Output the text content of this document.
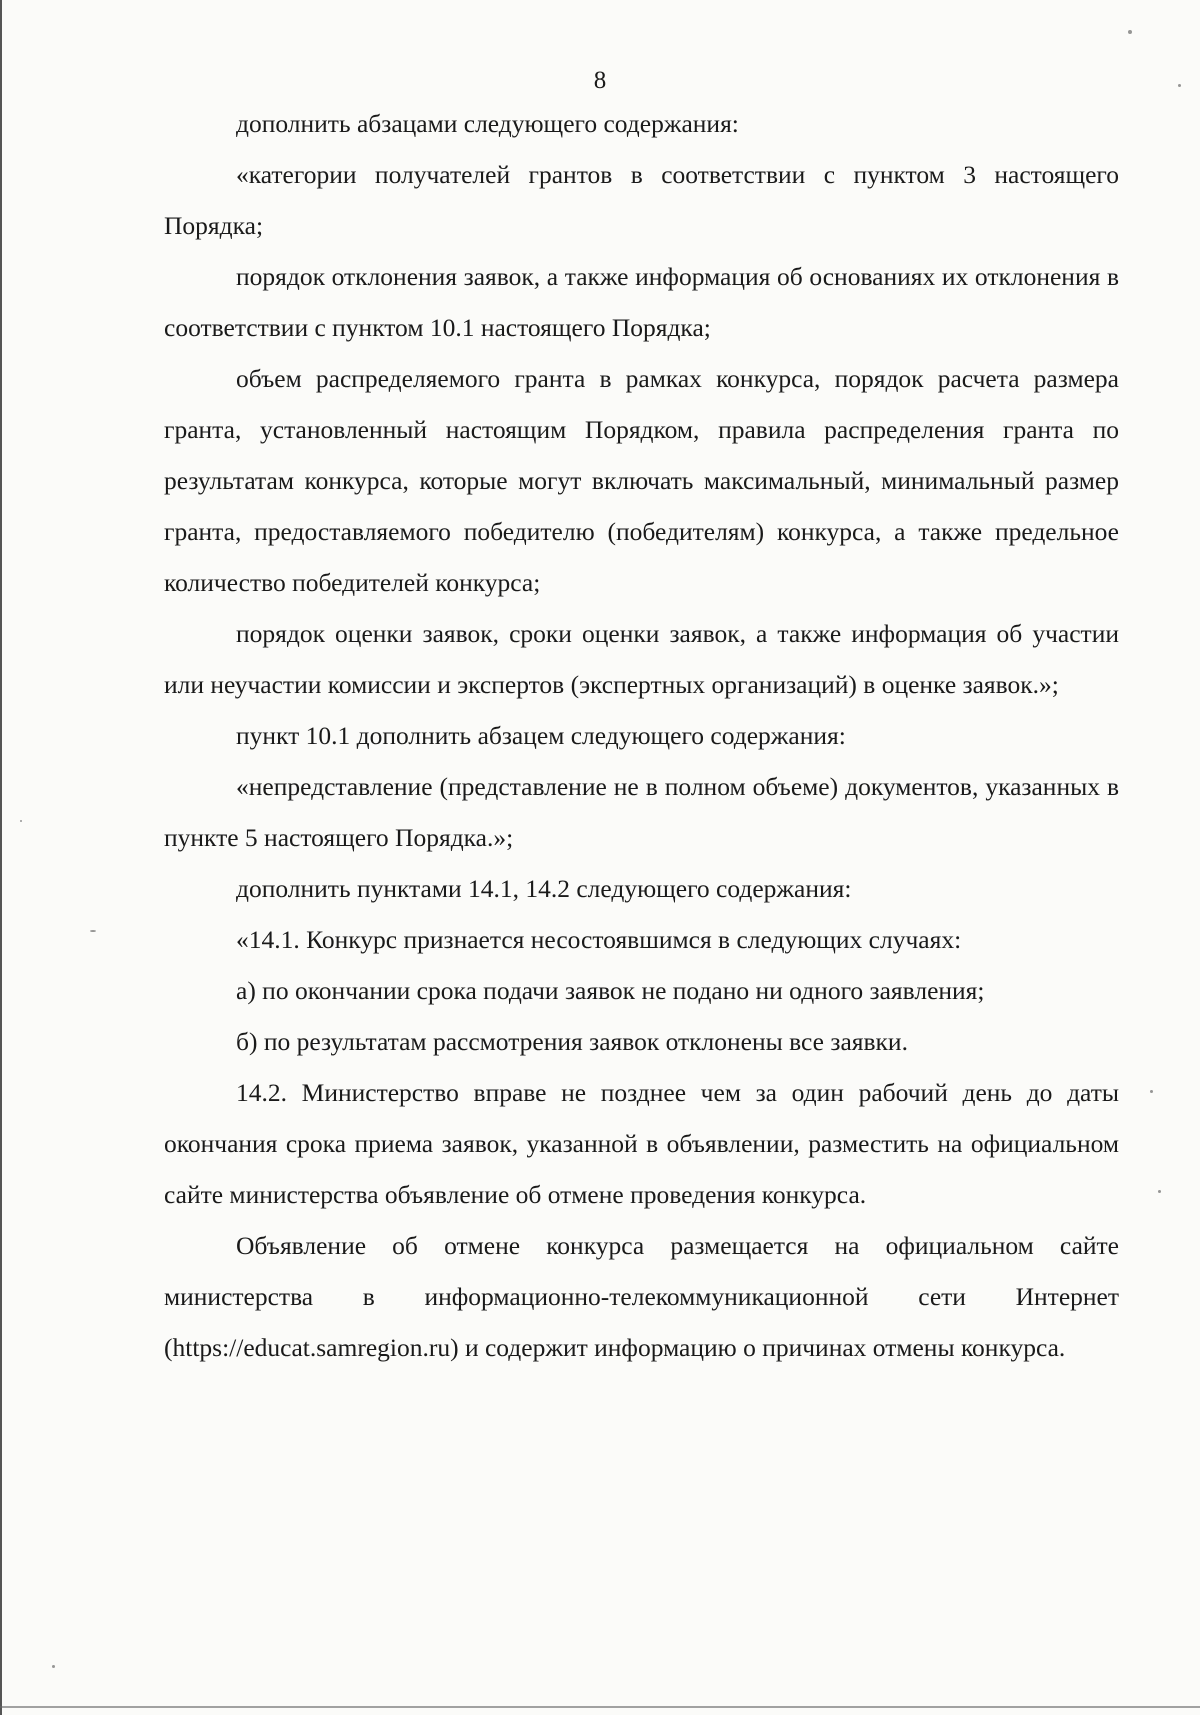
8

дополнить абзацами следующего содержания:

«категории получателей грантов в соответствии с пунктом 3 настоящего Порядка;

порядок отклонения заявок, а также информация об основаниях их отклонения в соответствии с пунктом 10.1 настоящего Порядка;

объем распределяемого гранта в рамках конкурса, порядок расчета размера гранта, установленный настоящим Порядком, правила распределения гранта по результатам конкурса, которые могут включать максимальный, минимальный размер гранта, предоставляемого победителю (победителям) конкурса, а также предельное количество победителей конкурса;

порядок оценки заявок, сроки оценки заявок, а также информация об участии или неучастии комиссии и экспертов (экспертных организаций) в оценке заявок.»;

пункт 10.1 дополнить абзацем следующего содержания:

«непредставление (представление не в полном объеме) документов, указанных в пункте 5 настоящего Порядка.»;

дополнить пунктами 14.1, 14.2 следующего содержания:

«14.1. Конкурс признается несостоявшимся в следующих случаях:

а) по окончании срока подачи заявок не подано ни одного заявления;

б) по результатам рассмотрения заявок отклонены все заявки.

14.2. Министерство вправе не позднее чем за один рабочий день до даты окончания срока приема заявок, указанной в объявлении, разместить на официальном сайте министерства объявление об отмене проведения конкурса.

Объявление об отмене конкурса размещается на официальном сайте министерства в информационно-телекоммуникационной сети Интернет (https://educat.samregion.ru) и содержит информацию о причинах отмены конкурса.
